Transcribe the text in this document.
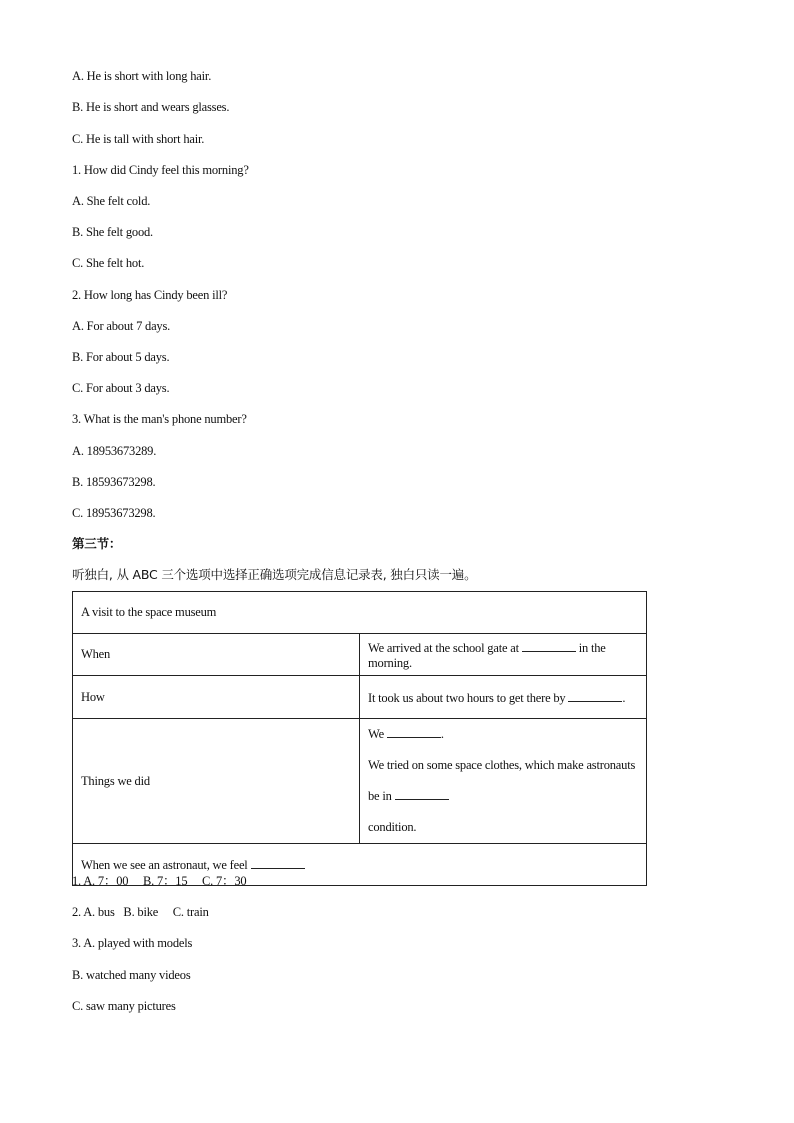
A. He is short with long hair.
B. He is short and wears glasses.
C. He is tall with short hair.
1. How did Cindy feel this morning?
A. She felt cold.
B. She felt good.
C. She felt hot.
2. How long has Cindy been ill?
A. For about 7 days.
B. For about 5 days.
C. For about 3 days.
3. What is the man's phone number?
A. 18953673289.
B. 18593673298.
C. 18953673298.
第三节：
听独白, 从 ABC 三个选项中选择正确选项完成信息记录表, 独白只读一遍。
A visit to the space museum	
When	We arrived at the school gate at in the morning.
How	It took us about two hours to get there by .
Things we did	We .
We tried on some space clothes, which make astronauts be in
condition.

When we see an astronaut, we feel	
1. A. 7：00     B. 7：15     C. 7：30
2. A. bus   B. bike     C. train
3. A. played with models
B. watched many videos
C. saw many pictures
